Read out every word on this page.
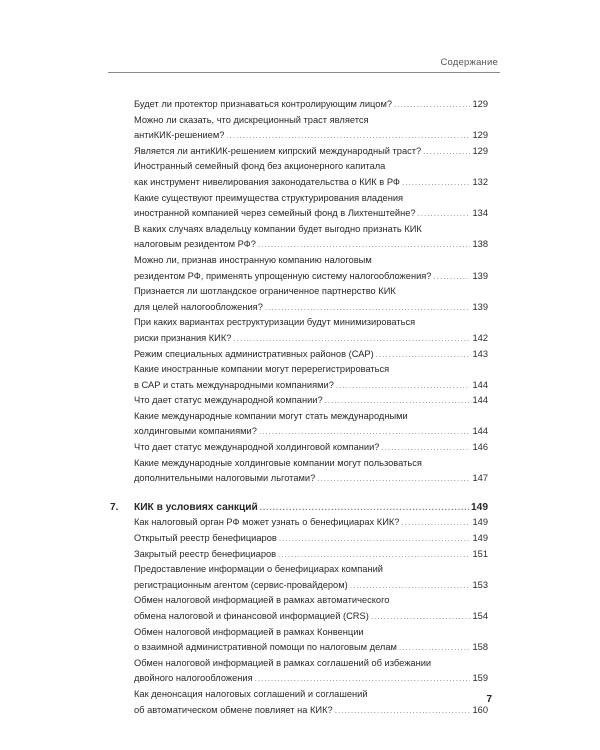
Содержание
Будет ли протектор признаваться контролирующим лицом? . . .	129
Можно ли сказать, что дискреционный траст является
антиКИК-решением? . . .	129
Является ли антиКИК-решением кипрский международный траст? . . .	129
Иностранный семейный фонд без акционерного капитала
как инструмент нивелирования законодательства о КИК в РФ . . .	132
Какие существуют преимущества структурирования владения
иностранной компанией через семейный фонд в Лихтенштейне? . . .	134
В каких случаях владельцу компании будет выгодно признать КИК
налоговым резидентом РФ? . . .	138
Можно ли, признав иностранную компанию налоговым
резидентом РФ, применять упрощенную систему налогообложения? . . .	139
Признается ли шотландское ограниченное партнерство КИК
для целей налогообложения? . . .	139
При каких вариантах реструктуризации будут минимизироваться
риски признания КИК? . . .	142
Режим специальных административных районов (САР) . . .	143
Какие иностранные компании могут перерегистрироваться
в САР и стать международными компаниями? . . .	144
Что дает статус международной компании? . . .	144
Какие международные компании могут стать международными
холдинговыми компаниями? . . .	144
Что дает статус международной холдинговой компании? . . .	146
Какие международные холдинговые компании могут пользоваться
дополнительными налоговыми льготами? . . .	147
7.	КИК в условиях санкций . . .	149
Как налоговый орган РФ может узнать о бенефициарах КИК? . . .	149
Открытый реестр бенефициаров . . .	149
Закрытый реестр бенефициаров . . .	151
Предоставление информации о бенефициарах компаний
регистрационным агентом (сервис-провайдером) . . .	153
Обмен налоговой информацией в рамках автоматического
обмена налоговой и финансовой информацией (CRS) . . .	154
Обмен налоговой информацией в рамках Конвенции
о взаимной административной помощи по налоговым делам . . .	158
Обмен налоговой информацией в рамках соглашений об избежании
двойного налогообложения . . .	159
Как денонсация налоговых соглашений и соглашений
об автоматическом обмене повлияет на КИК? . . .	160
7
